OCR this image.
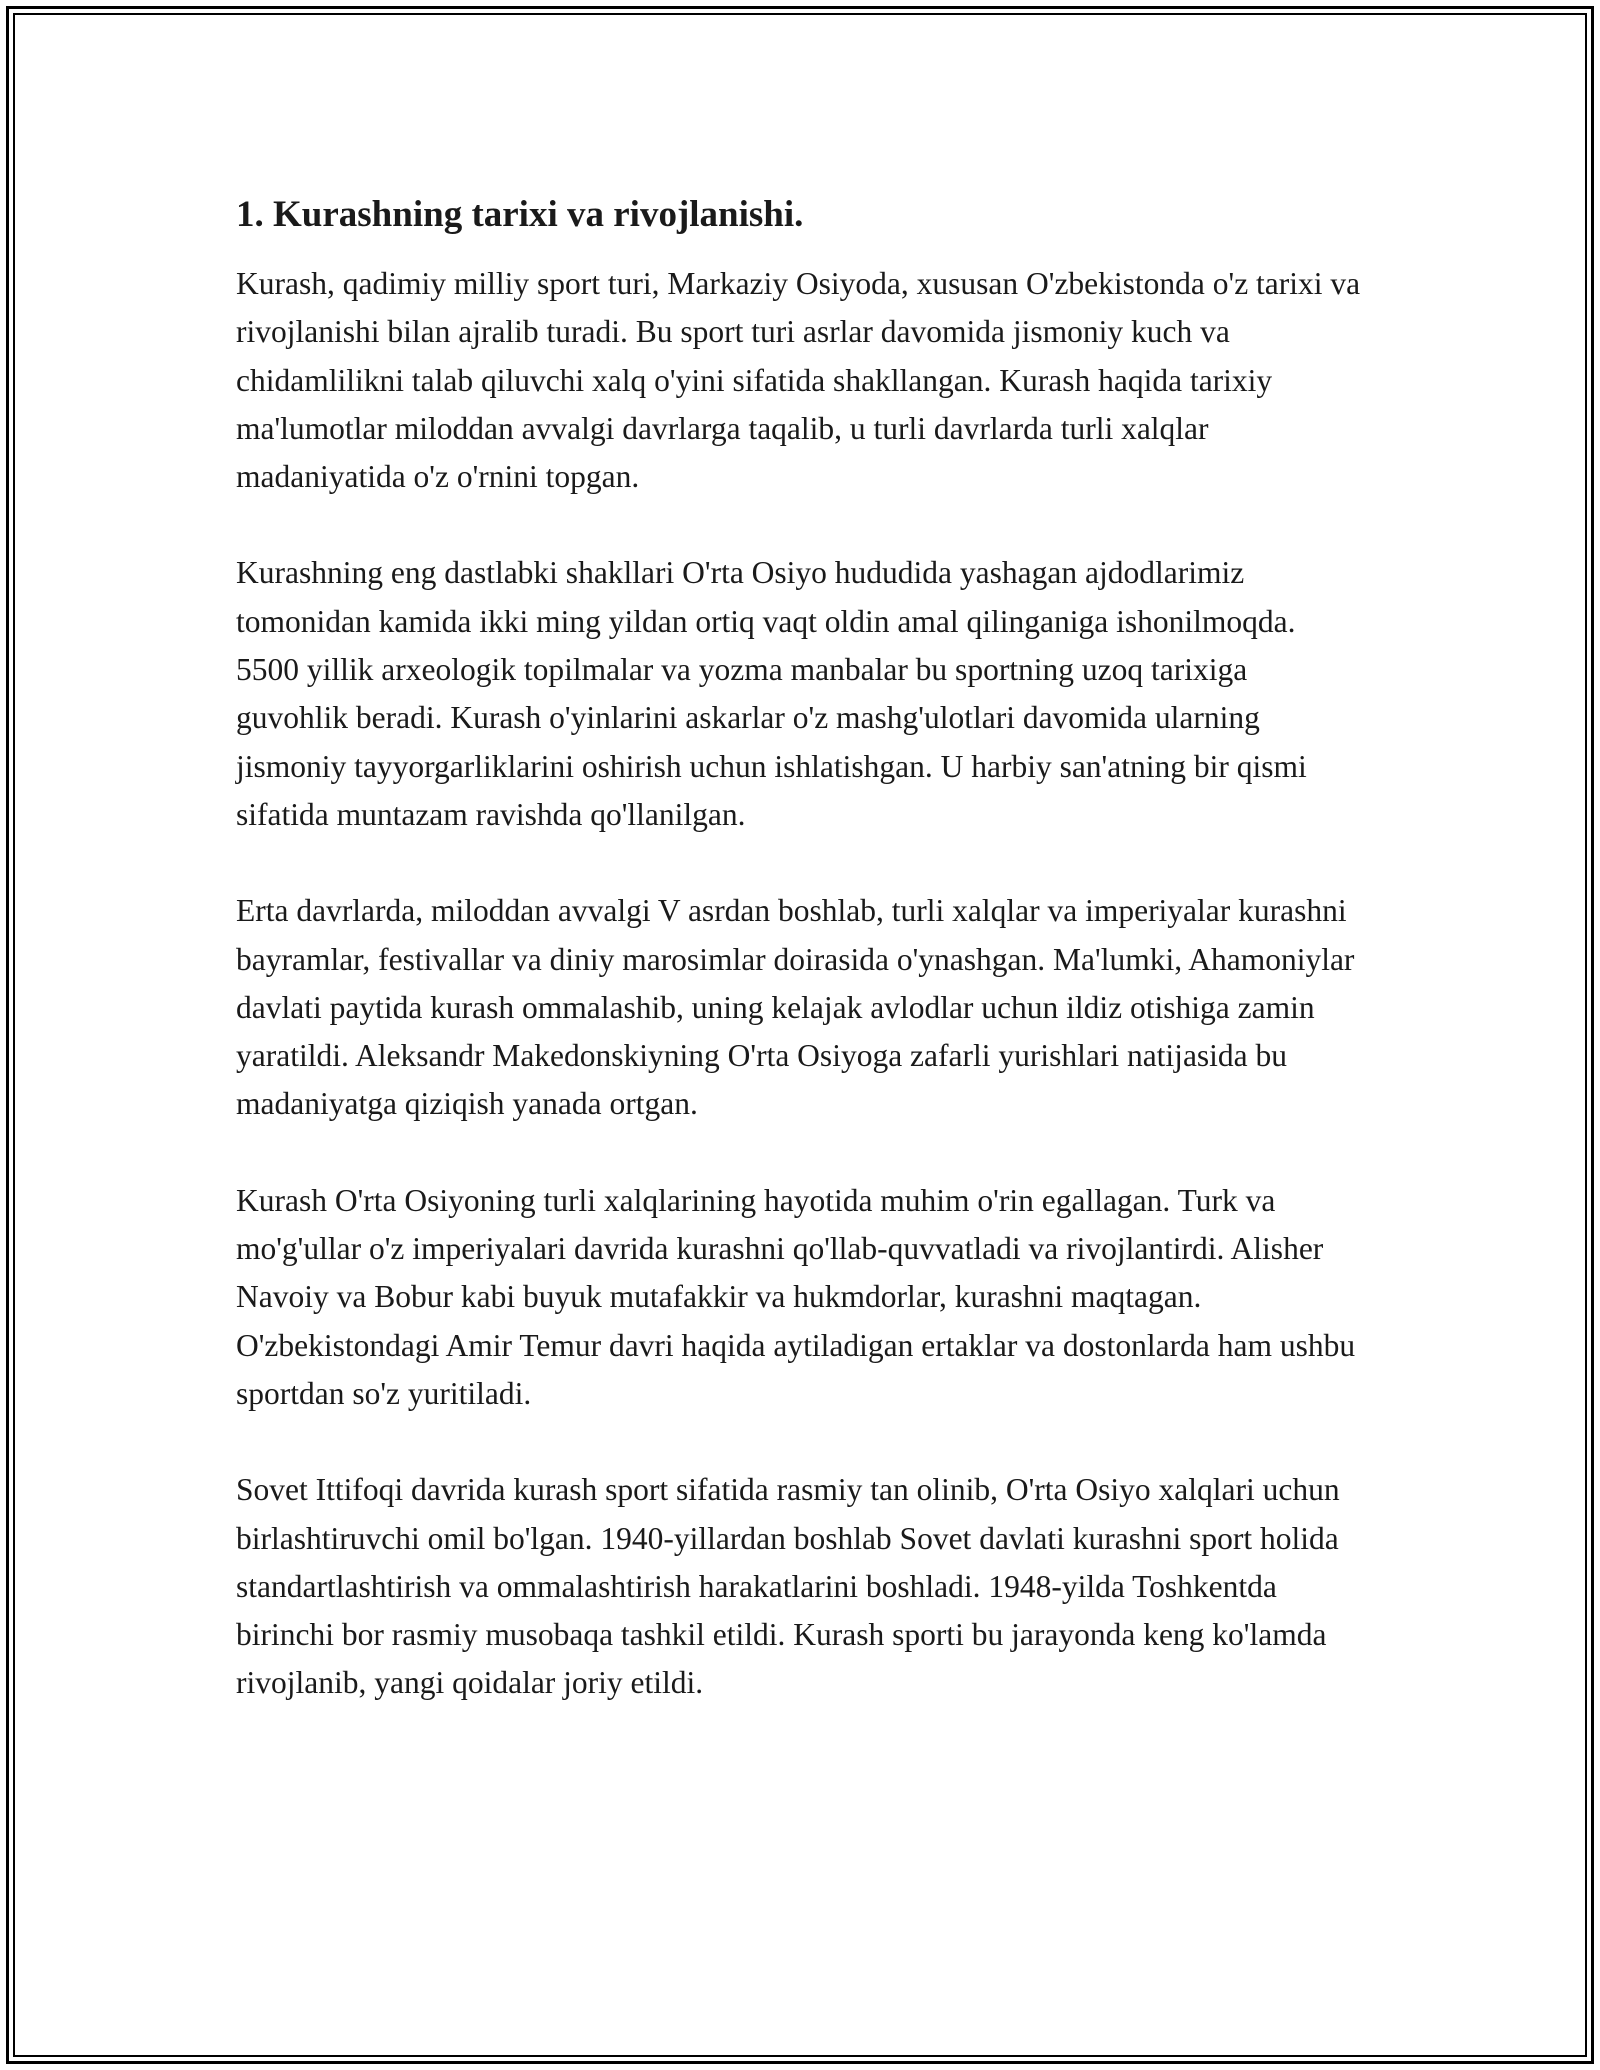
1. Kurashning tarixi va rivojlanishi.

Kurash, qadimiy milliy sport turi, Markaziy Osiyoda, xususan O'zbekistonda o'z tarixi va rivojlanishi bilan ajralib turadi. Bu sport turi asrlar davomida jismoniy kuch va chidamlilikni talab qiluvchi xalq o'yini sifatida shakllangan. Kurash haqida tarixiy ma'lumotlar miloddan avvalgi davrlarga taqalib, u turli davrlarda turli xalqlar madaniyatida o'z o'rnini topgan.

Kurashning eng dastlabki shakllari O'rta Osiyo hududida yashagan ajdodlarimiz tomonidan kamida ikki ming yildan ortiq vaqt oldin amal qilinganiga ishonilmoqda. 5500 yillik arxeologik topilmalar va yozma manbalar bu sportning uzoq tarixiga guvohlik beradi. Kurash o'yinlarini askarlar o'z mashg'ulotlari davomida ularning jismoniy tayyorgarliklarini oshirish uchun ishlatishgan. U harbiy san'atning bir qismi sifatida muntazam ravishda qo'llanilgan.

Erta davrlarda, miloddan avvalgi V asrdan boshlab, turli xalqlar va imperiyalar kurashni bayramlar, festivallar va diniy marosimlar doirasida o'ynashgan. Ma'lumki, Ahamoniylar davlati paytida kurash ommalashib, uning kelajak avlodlar uchun ildiz otishiga zamin yaratildi. Aleksandr Makedonskiyning O'rta Osiyoga zafarli yurishlari natijasida bu madaniyatga qiziqish yanada ortgan.

Kurash O'rta Osiyoning turli xalqlarining hayotida muhim o'rin egallagan. Turk va mo'g'ullar o'z imperiyalari davrida kurashni qo'llab-quvvatladi va rivojlantirdi. Alisher Navoiy va Bobur kabi buyuk mutafakkir va hukmdorlar, kurashni maqtagan. O'zbekistondagi Amir Temur davri haqida aytiladigan ertaklar va dostonlarda ham ushbu sportdan so'z yuritiladi.

Sovet Ittifoqi davrida kurash sport sifatida rasmiy tan olinib, O'rta Osiyo xalqlari uchun birlashtiruvchi omil bo'lgan. 1940-yillardan boshlab Sovet davlati kurashni sport holida standartlashtirish va ommalashtirish harakatlarini boshladi. 1948-yilda Toshkentda birinchi bor rasmiy musobaqa tashkil etildi. Kurash sporti bu jarayonda keng ko'lamda rivojlanib, yangi qoidalar joriy etildi.
